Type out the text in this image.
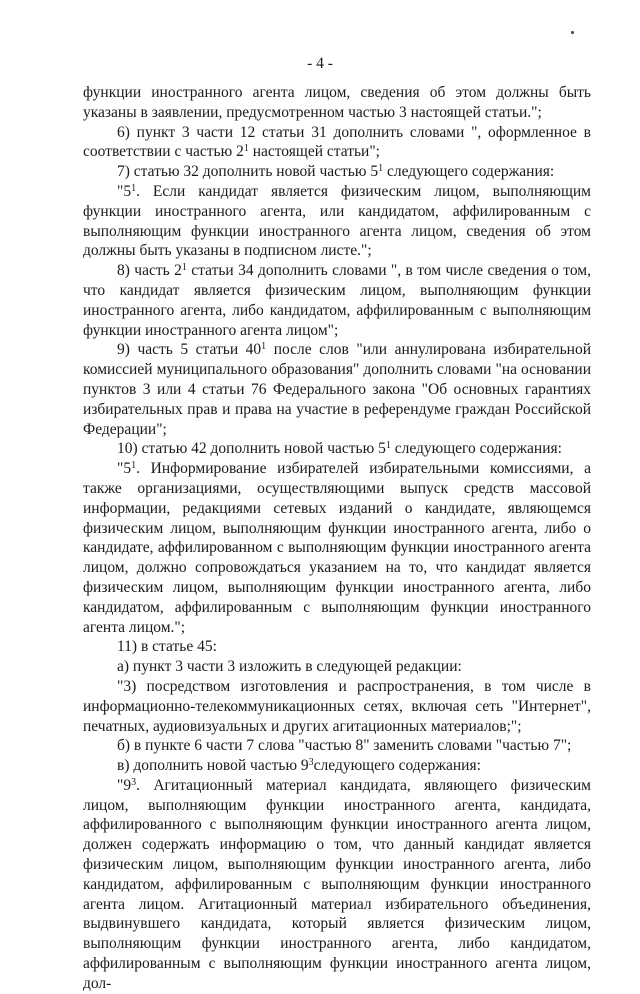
- 4 -

функции иностранного агента лицом, сведения об этом должны быть указаны в заявлении, предусмотренном частью 3 настоящей статьи.";

6) пункт 3 части 12 статьи 31 дополнить словами ", оформленное в соответствии с частью $2^1$ настоящей статьи";

7) статью 32 дополнить новой частью $5^1$ следующего содержания:

"$5^1$. Если кандидат является физическим лицом, выполняющим функции иностранного агента, или кандидатом, аффилированным с выполняющим функции иностранного агента лицом, сведения об этом должны быть указаны в подписном листе.";

8) часть $2^1$ статьи 34 дополнить словами ", в том числе сведения о том, что кандидат является физическим лицом, выполняющим функции иностранного агента, либо кандидатом, аффилированным с выполняющим функции иностранного агента лицом";

9) часть 5 статьи $40^1$ после слов "или аннулирована избирательной комиссией муниципального образования" дополнить словами "на основании пунктов 3 или 4 статьи 76 Федерального закона "Об основных гарантиях избирательных прав и права на участие в референдуме граждан Российской Федерации";

10) статью 42 дополнить новой частью $5^1$ следующего содержания:

"$5^1$. Информирование избирателей избирательными комиссиями, а также организациями, осуществляющими выпуск средств массовой информации, редакциями сетевых изданий о кандидате, являющемся физическим лицом, выполняющим функции иностранного агента, либо о кандидате, аффилированном с выполняющим функции иностранного агента лицом, должно сопровождаться указанием на то, что кандидат является физическим лицом, выполняющим функции иностранного агента, либо кандидатом, аффилированным с выполняющим функции иностранного агента лицом.";

11) в статье 45:

а) пункт 3 части 3 изложить в следующей редакции:

"3) посредством изготовления и распространения, в том числе в информационно-телекоммуникационных сетях, включая сеть "Интернет", печатных, аудиовизуальных и других агитационных материалов;";

б) в пункте 6 части 7 слова "частью 8" заменить словами "частью 7";

в) дополнить новой частью $9^3следующего$ содержания:

"$9^3$. Агитационный материал кандидата, являющего физическим лицом, выполняющим функции иностранного агента, кандидата, аффилированного с выполняющим функции иностранного агента лицом, должен содержать информацию о том, что данный кандидат является физическим лицом, выполняющим функции иностранного агента, либо кандидатом, аффилированным с выполняющим функции иностранного агента лицом. Агитационный материал избирательного объединения, выдвинувшего кандидата, который является физическим лицом, выполняющим функции иностранного агента, либо кандидатом, аффилированным с выполняющим функции иностранного агента лицом, дол-
